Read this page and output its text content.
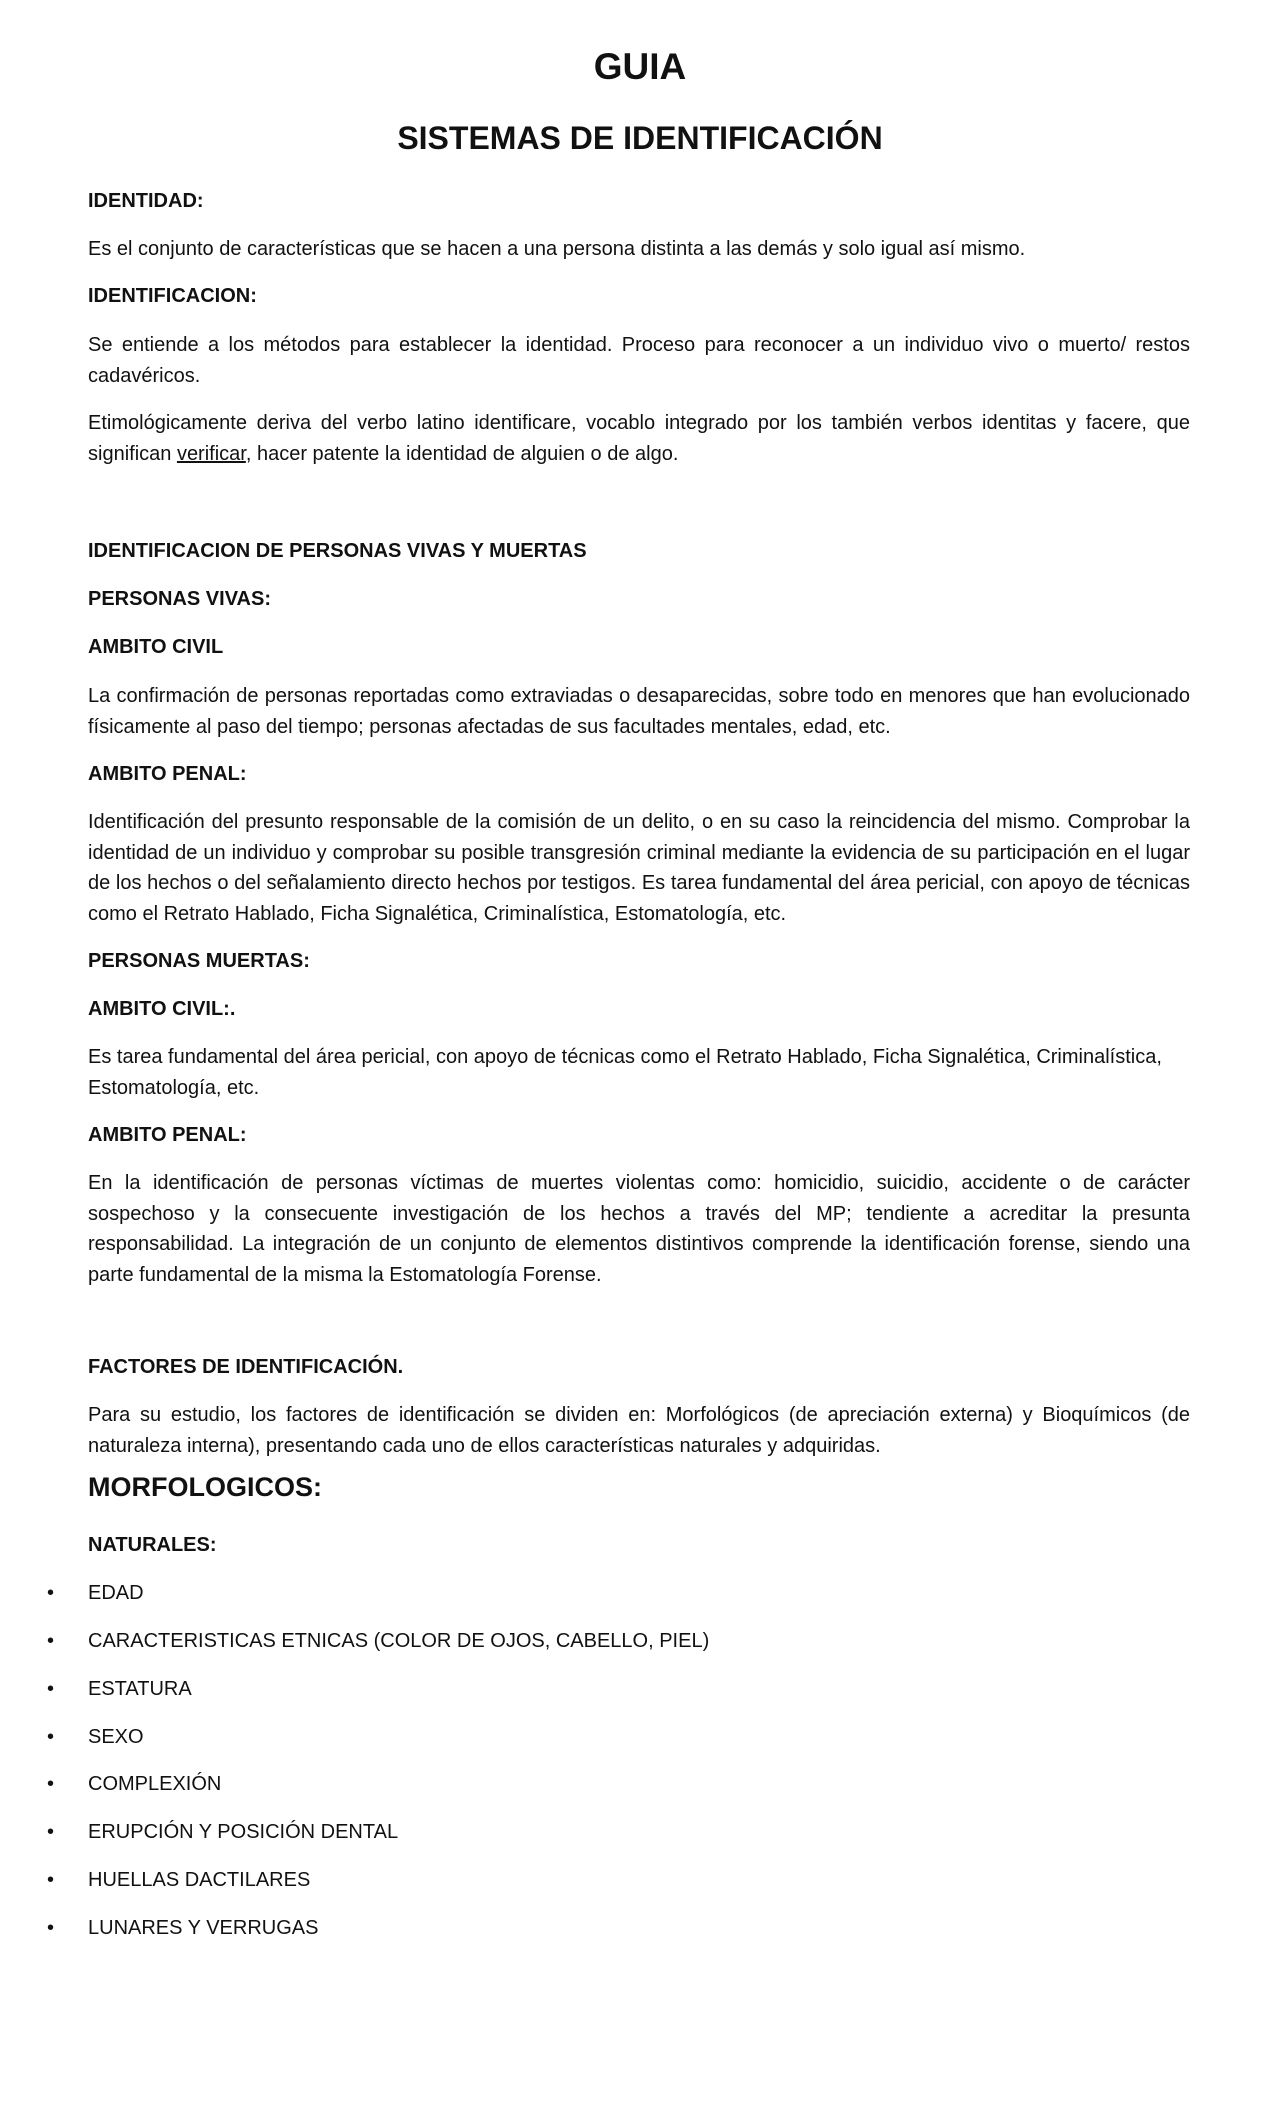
GUIA
SISTEMAS DE IDENTIFICACIÓN

IDENTIDAD:

Es el conjunto de características que se hacen a una persona distinta a las demás y solo igual así mismo.

IDENTIFICACION:

Se entiende a los métodos para establecer la identidad. Proceso para reconocer a un individuo vivo o muerto/ restos cadavéricos.

Etimológicamente deriva del verbo latino identificare, vocablo integrado por los también verbos identitas y facere, que significan verificar, hacer patente la identidad de alguien o de algo.

IDENTIFICACION DE PERSONAS VIVAS Y MUERTAS

PERSONAS VIVAS:

AMBITO CIVIL

La confirmación de personas reportadas como extraviadas o desaparecidas, sobre todo en menores que han evolucionado físicamente al paso del tiempo; personas afectadas de sus facultades mentales, edad, etc.

AMBITO PENAL:

Identificación del presunto responsable de la comisión de un delito, o en su caso la reincidencia del mismo. Comprobar la identidad de un individuo y comprobar su posible transgresión criminal mediante la evidencia de su participación en el lugar de los hechos o del señalamiento directo hechos por testigos. Es tarea fundamental del área pericial, con apoyo de técnicas como el Retrato Hablado, Ficha Signalética, Criminalística, Estomatología, etc.

PERSONAS MUERTAS:

AMBITO CIVIL:.

Es tarea fundamental del área pericial, con apoyo de técnicas como el Retrato Hablado, Ficha Signalética, Criminalística, Estomatología, etc.

AMBITO PENAL:

En la identificación de personas víctimas de muertes violentas como: homicidio, suicidio, accidente o de carácter sospechoso y la consecuente investigación de los hechos a través del MP; tendiente a acreditar la presunta responsabilidad. La integración de un conjunto de elementos distintivos comprende la identificación forense, siendo una parte fundamental de la misma la Estomatología Forense.

FACTORES DE IDENTIFICACIÓN.

Para su estudio, los factores de identificación se dividen en: Morfológicos (de apreciación externa) y Bioquímicos (de naturaleza interna), presentando cada uno de ellos características naturales y adquiridas.

MORFOLOGICOS:

NATURALES:

• EDAD
• CARACTERISTICAS ETNICAS (COLOR DE OJOS, CABELLO, PIEL)
• ESTATURA
• SEXO
• COMPLEXIÓN
• ERUPCIÓN Y POSICIÓN DENTAL
• HUELLAS DACTILARES
• LUNARES Y VERRUGAS
